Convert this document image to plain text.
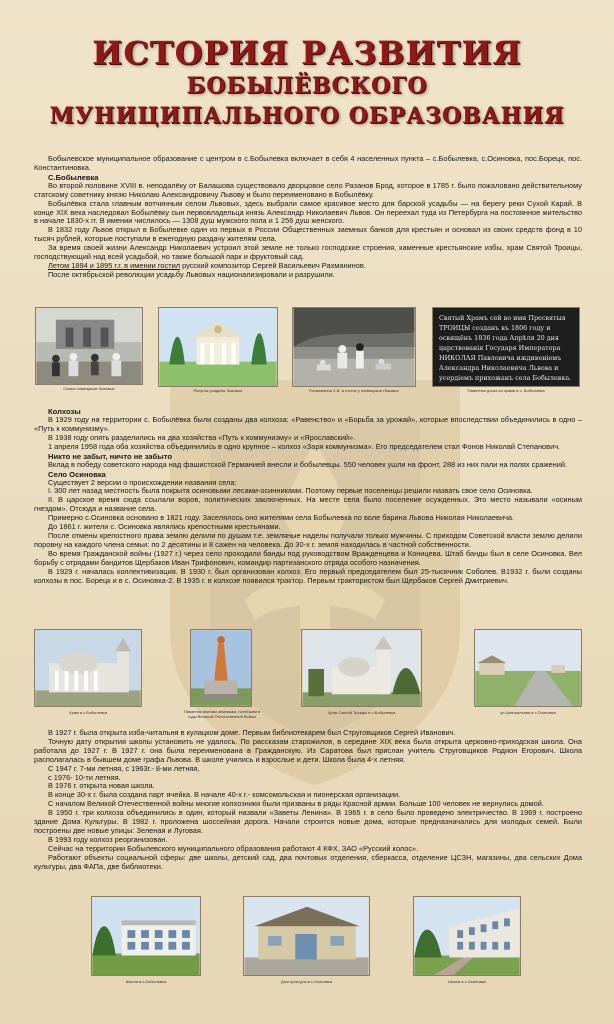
ИСТОРИЯ РАЗВИТИЯ
БОБЫЛЁВСКОГО
МУНИЦИПАЛЬНОГО ОБРАЗОВАНИЯ

Бобылевское муниципальное образование с центром в с.Бобылевка включает в себя 4 населенных пункта – с.Бобылевка, с.Осиновка, пос.Борецк, пос. Константиновка.

С.Бобылевка

Во второй половине XVIII в. неподалёку от Балашова существовало дворцовое село Разанов Брод, которое в 1785 г. было пожаловано действительному статскому советнику князю Николаю Александровичу Львову и было переименовано в Бобылёвку.

Бобылёвка стала главным вотчинным селом Львовых, здесь выбрали самое красивое место для барской усадьбы — на берегу реки Сухой Карай. В конце XIX века наследовал Бобылёвку сын первовладельца князь Александр Николаевич Львов. Он переехал туда из Петербурга на постоянное жительство в начале 1830-х гг. В имении числилось — 1308 душ мужского пола и 1 256 душ женского.

В 1832 году Львов открыл в Бобылевке один из первых в России Общественных заемных банков для крестьян и основал из своих средств фонд в 10 тысяч рублей, которые поступали в ежегодную раздачу жителям села.

За время своей жизни Александр Николаевич устроил этой земле не только господские строения, каменные крестьянские избы, храм Святой Троицы, господствующий над всей усадьбой, но также большой парк и фруктовый сад.

Летом 1894 и 1895 г.г. в имении гостил русский композитор Сергей Васильевич Рахманинов.

После октябрьской революции усадьбу Львовых национализировали и разрушили.

Семья помещиков Львовых	Рисунок усадьбы Львовых	Рахманинов С.В. в гостях у помещиков Львовых
Святый Храмъ сей во имя Пресвятыя
ТРОИЦЫ созданъ въ 1806 году и
освящёнъ 1836 года Апрѣля 20 дня
царствованія Государя Императора
НИКОЛАЯ Павловича иждивеніемъ
Александра Николаевича Львова и
усердіемъ прихожанъ села Бобылевка.
Памятная доска из храма в с. Бобылевка
Колхозы

В 1929 году на территории с. Бобылёвка были созданы два колхоза: «Равенство» и «Борьба за урожай», которые впоследствии объединились в одно – «Путь к коммунизму».

В 1938 году опять разделились на два хозяйства «Путь к коммунизму» и «Ярославский».

1 апреля 1958 года оба хозяйства объединились в одно крупное – колхоз «Заря коммунизма». Его председателем стал Фонов Николай Степанович.

Никто не забыт, ничто не забыто

Вклад в победу советского народа над фашистской Германией внесли и бобылевцы. 550 человек ушли на фронт, 288 из них пали на полях сражений.

Село Осиновка

Существует 2 версии о происхождении названия села:

I. 300 лет назад местность была покрыта осиновыми лесами-осинниками. Поэтому первые поселенцы решили назвать свое село Осиновка.

II. В царское время сюда ссылали воров, политических заключенных. На месте села было поселение осужденных. Это место называли «осиным гнездом». Отсюда и название села.

Примерно с.Осиновка основано в 1821 году. Заселялось оно жителями села Бобылевка по воле барина Львова Николая Николаевича.

До 1861 г. жители с. Осиновка являлись крепостными крестьянами.

После отмены крепостного права землю делили по душам т.е. земляные наделы получали только мужчины. С приходом Советской власти землю делили поровну на каждого члена семьи: по 2 десятины и 8 сажен на человека. До 30-х г. земля находилась в частной собственности.

Во время Гражданской войны (1927 г.) через село проходили банды под руководством Вражденцева и Коницева. Штаб банды был в селе Осиновка. Вел борьбу с отрядами бандитов Щербаков Иван Трифонович, командир партизанского отряда особого назначения.

В 1929 г. началась коллективизация. В 1930 г. был организован колхоз. Его первый председателем был 25-тысячник Соболев. В1932 г. были созданы колхозы в пос. Борецк и в с. Осиновка-2. В 1935 г. в колхозе появился трактор. Первым трактористом был Щербаков Сергей Дмитриевич.

Храм в с.Бобылевка	Памятник воинам-землякам, погибшим в годы Великой Отечественной Войны
Храм Святой Троицы в с.Бобылевка	ул.Центральная в с.Осиновка

В 1927 г. была открыта изба-читальня в кулацком доме. Первым библиотекарем был Струговщиков Сергей Иванович.

Точную дату открытия школы установить не удалось. По рассказам старожилов, в середине XIX века была открыта церковно-приходская школа. Она работала до 1927 г. В 1927 г. она была переименована в Гражданскую. Из Саратова был прислан учитель Струговщиков Родион Егорович. Школа располагалась в бывшем доме графа Львова. В школе учились и взрослые и дети. Школа была 4-х летняя.

С 1947 г. 7-ми летняя, с 1963г.- 8-ми летняя,

с 1976- 10-ти летняя.

В 1976 г. открыта новая школа.

В конце 30-х г. была создана парт ячейка. В начале 40-х г.- комсомольская и пионерская организации.

С началом Великой Отечественной войны многие колхозники были призваны в ряды Красной армии. Больше 100 человек не вернулись домой.

В 1950 г. три колхоза объединились в один, который назвали «Заветы Ленина». В 1965 г. в село было проведено электричество. В 1969 г. построено здание Дома Культуры. В 1982 г. проложена шоссейная дорога. Начали строится новые дома, которые предназначались для молодых семей. Были построены две новые улицы: Зеленая и Луговая.

В 1993 году колхоз реорганизован.

Сейчас на территории Бобылевского муниципального образования работают 4 КФХ, ЗАО «Русский колос».

Работают объекты социальной сферы: две школы, детский сад, два почтовых отделения, сберкасса, отделение ЦСЗН, магазины, два сельских Дома культуры, два ФАПа, две библиотеки.

Школа в с.Бобылевка	Дом культуры в с.Осиновка	Школа в с.Осиновка
